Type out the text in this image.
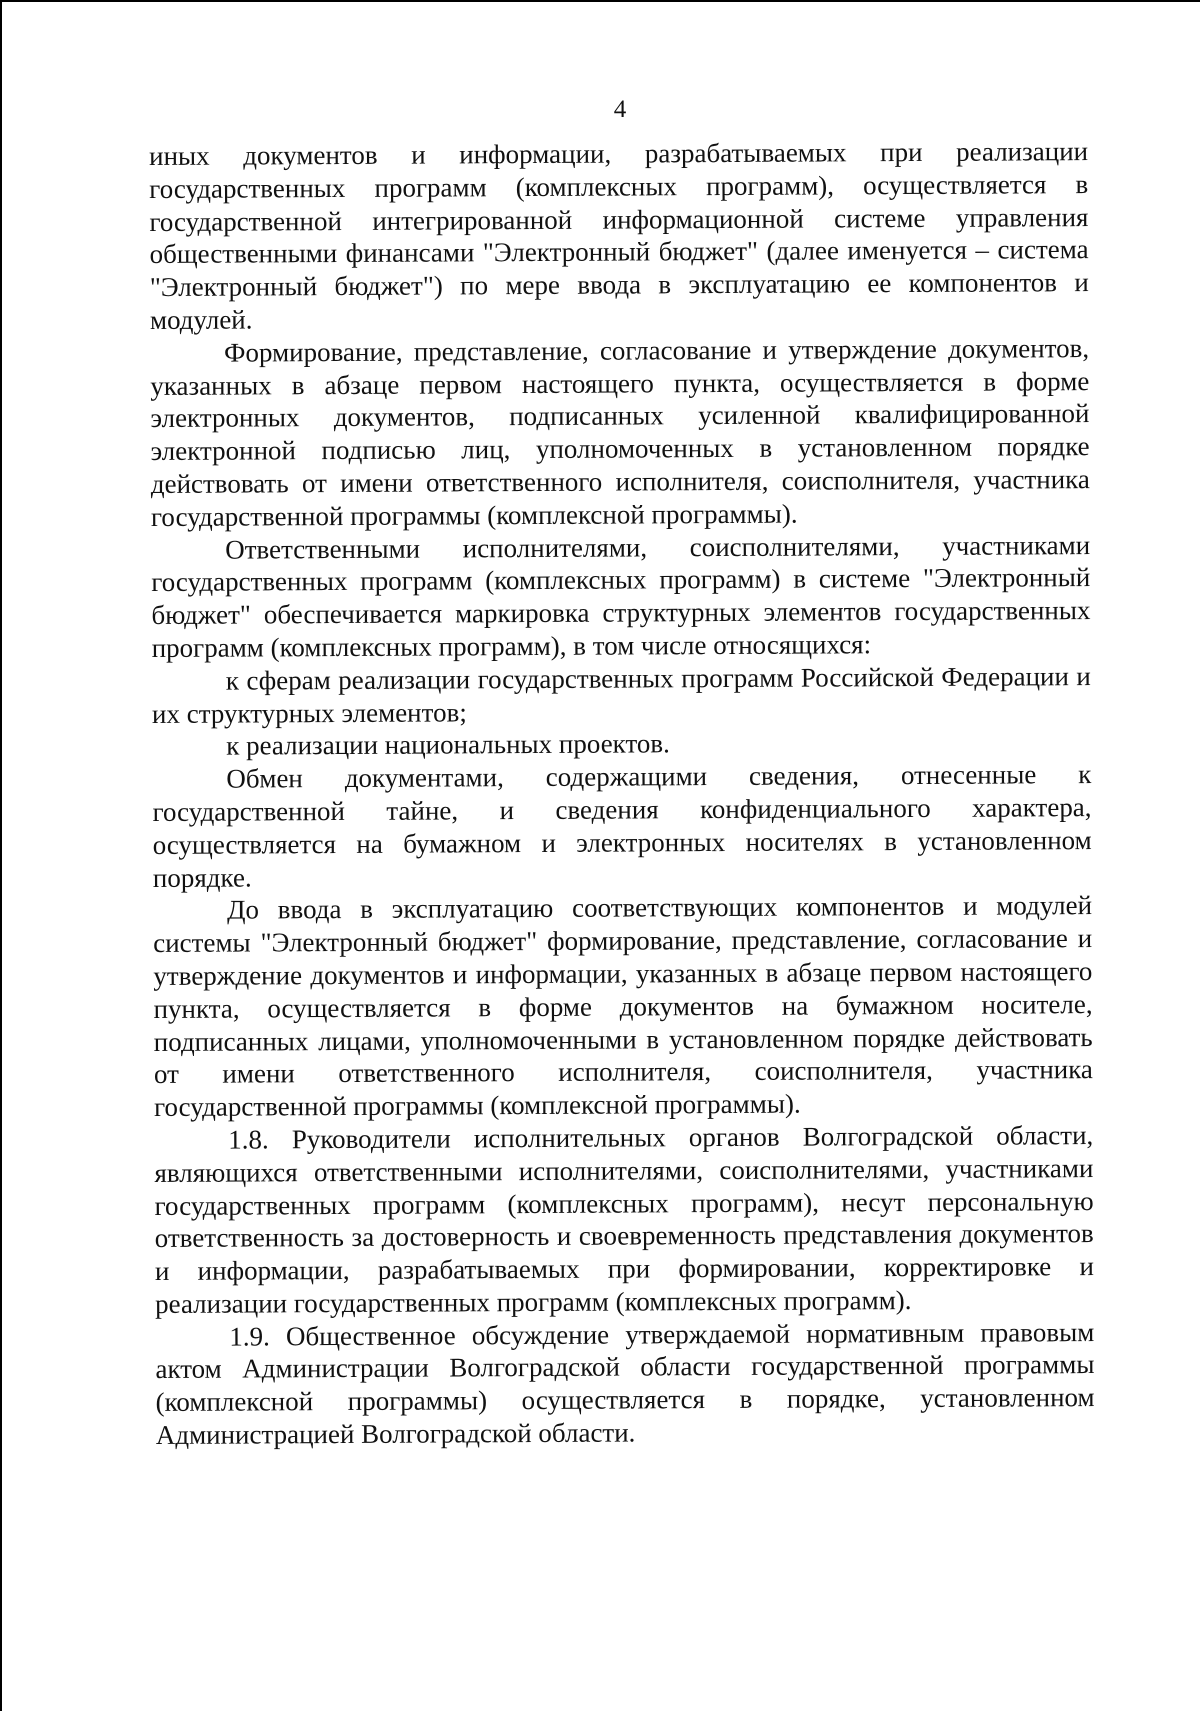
4

иных документов и информации, разрабатываемых при реализации государственных программ (комплексных программ), осуществляется в государственной интегрированной информационной системе управления общественными финансами "Электронный бюджет" (далее именуется – система "Электронный бюджет") по мере ввода в эксплуатацию ее компонентов и модулей.

Формирование, представление, согласование и утверждение документов, указанных в абзаце первом настоящего пункта, осуществляется в форме электронных документов, подписанных усиленной квалифицированной электронной подписью лиц, уполномоченных в установленном порядке действовать от имени ответственного исполнителя, соисполнителя, участника государственной программы (комплексной программы).

Ответственными исполнителями, соисполнителями, участниками государственных программ (комплексных программ) в системе "Электронный бюджет" обеспечивается маркировка структурных элементов государственных программ (комплексных программ), в том числе относящихся:

к сферам реализации государственных программ Российской Федерации и их структурных элементов;

к реализации национальных проектов.

Обмен документами, содержащими сведения, отнесенные к государственной тайне, и сведения конфиденциального характера, осуществляется на бумажном и электронных носителях в установленном порядке.

До ввода в эксплуатацию соответствующих компонентов и модулей системы "Электронный бюджет" формирование, представление, согласование и утверждение документов и информации, указанных в абзаце первом настоящего пункта, осуществляется в форме документов на бумажном носителе, подписанных лицами, уполномоченными в установленном порядке действовать от имени ответственного исполнителя, соисполнителя, участника государственной программы (комплексной программы).

1.8. Руководители исполнительных органов Волгоградской области, являющихся ответственными исполнителями, соисполнителями, участниками государственных программ (комплексных программ), несут персональную ответственность за достоверность и своевременность представления документов и информации, разрабатываемых при формировании, корректировке и реализации государственных программ (комплексных программ).

1.9. Общественное обсуждение утверждаемой нормативным правовым актом Администрации Волгоградской области государственной программы (комплексной программы) осуществляется в порядке, установленном Администрацией Волгоградской области.
